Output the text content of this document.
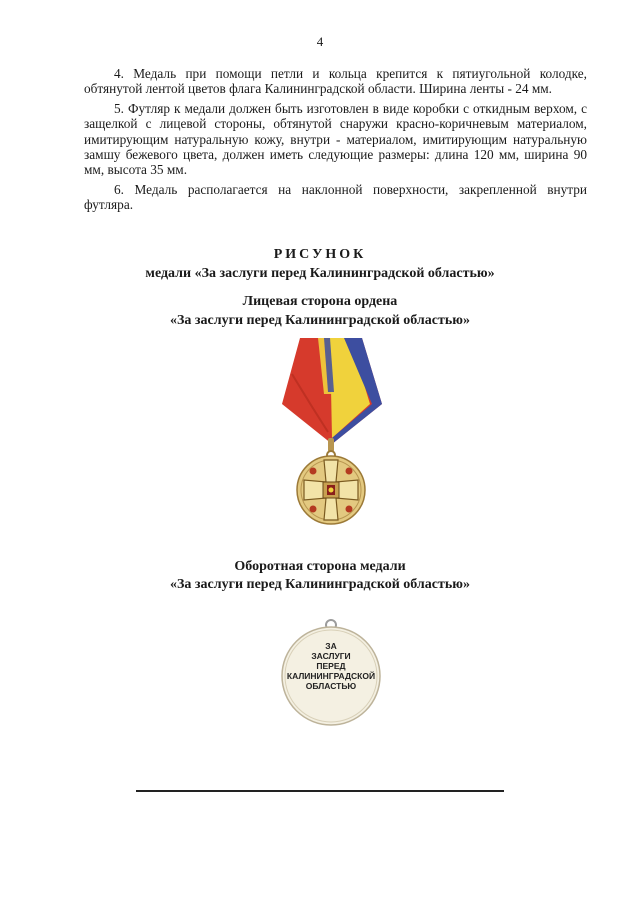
4

4. Медаль при помощи петли и кольца крепится к пятиугольной колодке, обтянутой лентой цветов флага Калининградской области. Ширина ленты - 24 мм.

5. Футляр к медали должен быть изготовлен в виде коробки с откидным верхом, с защелкой с лицевой стороны, обтянутой снаружи красно-коричневым материалом, имитирующим натуральную кожу, внутри - материалом, имитирующим натуральную замшу бежевого цвета, должен иметь следующие размеры: длина 120 мм, ширина 90 мм, высота 35 мм.

6. Медаль располагается на наклонной поверхности, закрепленной внутри футляра.

РИСУНОК
медали «За заслуги перед Калининградской областью»
Лицевая сторона ордена
«За заслуги перед Калининградской областью»
Оборотная сторона медали
«За заслуги перед Калининградской областью»
ЗА
ЗАСЛУГИ
ПЕРЕД
КАЛИНИНГРАДСКОЙ
ОБЛАСТЬЮ
